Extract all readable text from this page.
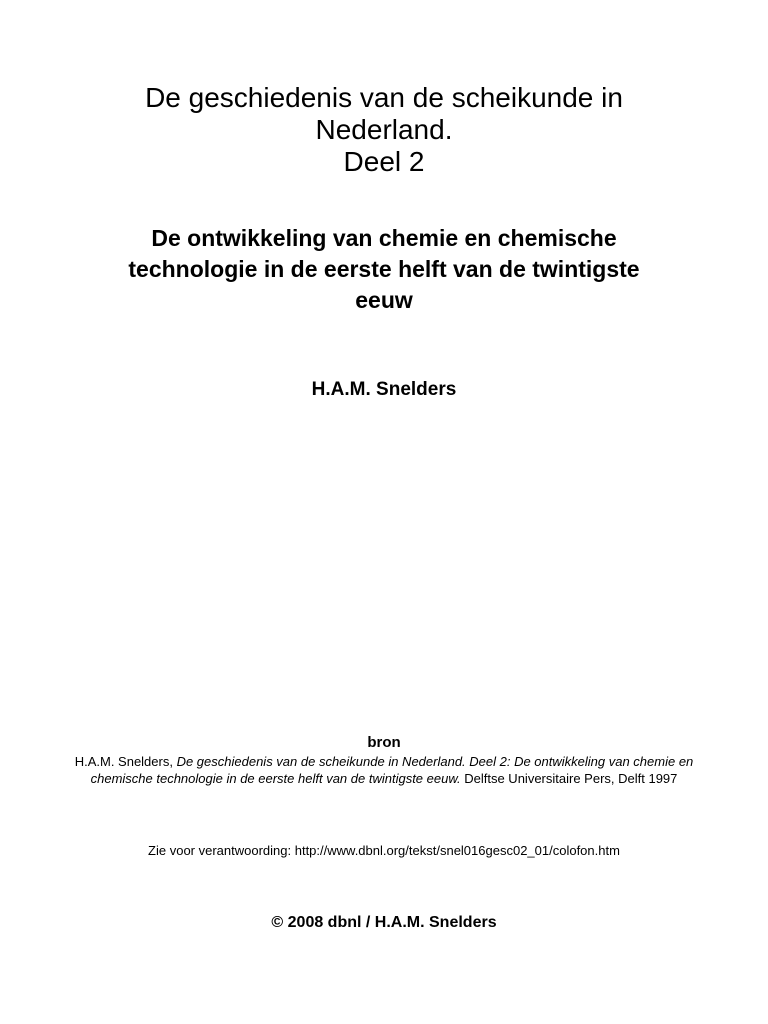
De geschiedenis van de scheikunde in

Nederland.

Deel 2

De ontwikkeling van chemie en chemische

technologie in de eerste helft van de twintigste

eeuw

H.A.M. Snelders
bron

H.A.M. Snelders, De geschiedenis van de scheikunde in Nederland. Deel 2: De ontwikkeling van chemie en chemische technologie in de eerste helft van de twintigste eeuw. Delftse Universitaire Pers, Delft 1997

Zie voor verantwoording: http://www.dbnl.org/tekst/snel016gesc02_01/colofon.htm
© 2008 dbnl / H.A.M. Snelders
